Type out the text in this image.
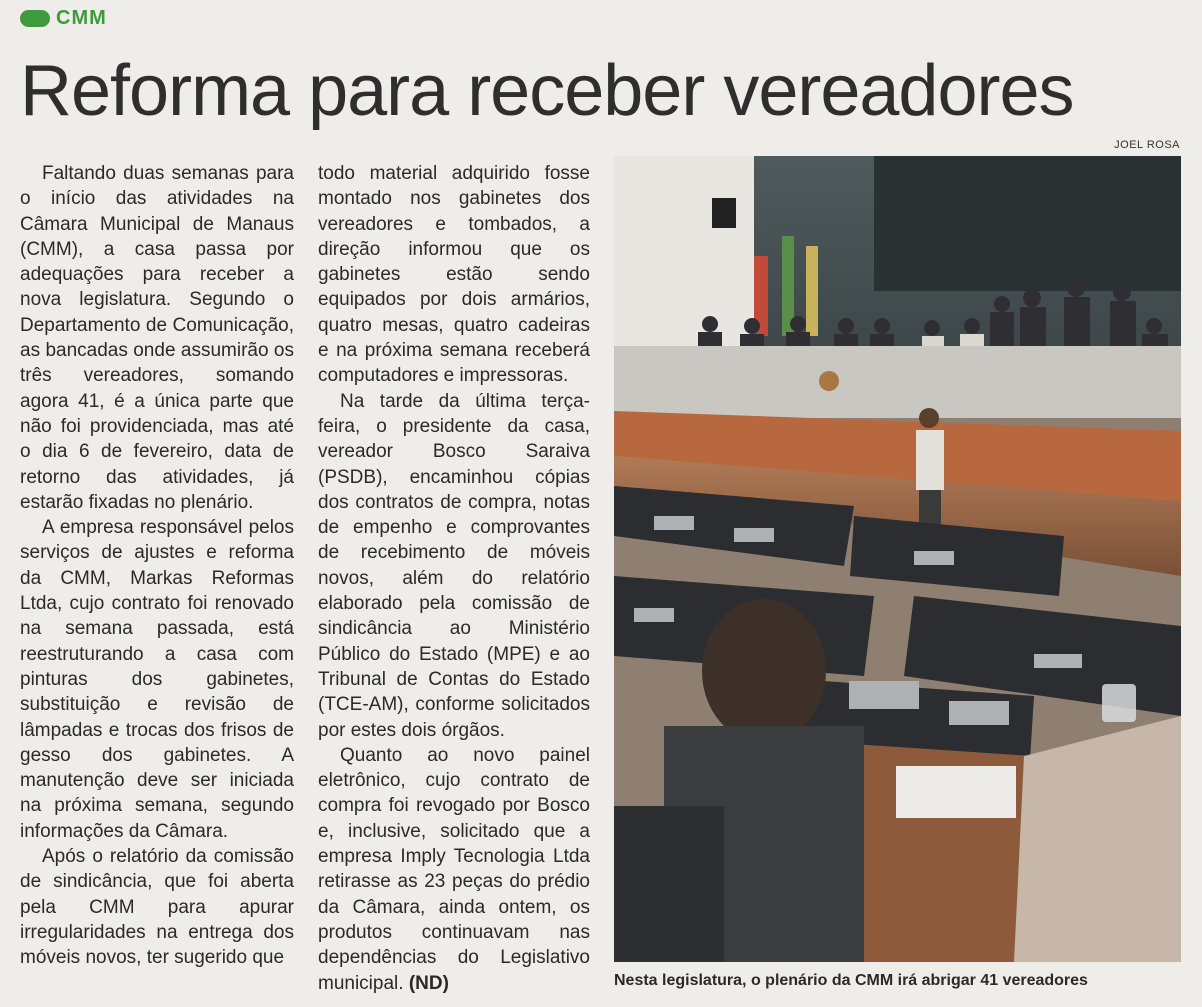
CMM
Reforma para receber vereadores
JOEL ROSA

Faltando duas semanas para o início das atividades na Câmara Municipal de Manaus (CMM), a casa passa por adequações para receber a nova legislatura. Segundo o Departamento de Comunicação, as bancadas onde assumirão os três vereadores, somando agora 41, é a única parte que não foi providenciada, mas até o dia 6 de fevereiro, data de retorno das atividades, já estarão fixadas no plenário.

A empresa responsável pelos serviços de ajustes e reforma da CMM, Markas Reformas Ltda, cujo contrato foi renovado na semana passada, está reestruturando a casa com pinturas dos gabinetes, substituição e revisão de lâmpadas e trocas dos frisos de gesso dos gabinetes. A manutenção deve ser iniciada na próxima semana, segundo informações da Câmara.

Após o relatório da comissão de sindicância, que foi aberta pela CMM para apurar irregularidades na entrega dos móveis novos, ter sugerido que

todo material adquirido fosse montado nos gabinetes dos vereadores e tombados, a direção informou que os gabinetes estão sendo equipados por dois armários, quatro mesas, quatro cadeiras e na próxima semana receberá computadores e impressoras.

Na tarde da última terça-feira, o presidente da casa, vereador Bosco Saraiva (PSDB), encaminhou cópias dos contratos de compra, notas de empenho e comprovantes de recebimento de móveis novos, além do relatório elaborado pela comissão de sindicância ao Ministério Público do Estado (MPE) e ao Tribunal de Contas do Estado (TCE-AM), conforme solicitados por estes dois órgãos.

Quanto ao novo painel eletrônico, cujo contrato de compra foi revogado por Bosco e, inclusive, solicitado que a empresa Imply Tecnologia Ltda retirasse as 23 peças do prédio da Câmara, ainda ontem, os produtos continuavam nas dependências do Legislativo municipal. (ND)	Nesta legislatura, o plenário da CMM irá abrigar 41 vereadores
